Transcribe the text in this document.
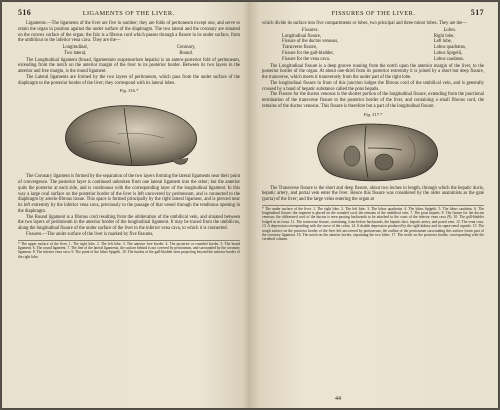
516	LIGAMENTS OF THE LIVER.

Ligaments.—The ligaments of the liver are five in number; they are folds of peritoneum except one, and serve to retain the organ in position against the under surface of the diaphragm. The two lateral and the coronary are situated on the convex surface of the organ; the falx is a fibrous cord which passes through a fissure in its under surface, from the umbilicus to the inferior vena cava. They are the—

Longitudinal,
Two lateral,
Coronary,
Round.

The Longitudinal ligament (broad, ligamentum suspensorium hepatis) is an antero-posterior fold of peritoneum, extending from the notch on the anterior margin of the liver to its posterior border. Between its two layers in the anterior and free margin, is the round ligament.

The Lateral ligaments are formed by the two layers of peritoneum, which pass from the under surface of the diaphragm to the posterior border of the liver; they correspond with its lateral lobes.

Fig. 316.*

The Coronary ligament is formed by the separation of the two layers forming the lateral ligaments near their point of convergence. The posterior layer is continued unbroken from one lateral ligament into the other; but the anterior quits the posterior at each side, and is continuous with the corresponding layer of the longitudinal ligament. In this way a large oval surface on the posterior border of the liver is left uncovered by peritoneum, and is connected to the diaphragm by areolo-fibrous tissue. This space is formed principally by the right lateral ligament, and is pierced near its left extremity by the inferior vena cava, previously to the passage of that vessel through the tendinous opening in the diaphragm.

The Round ligament is a fibrous cord resulting from the obliteration of the umbilical vein, and situated between the two layers of peritoneum in the anterior border of the longitudinal ligament. It may be traced from the umbilicus, along the longitudinal fissure of the under surface of the liver to the inferior vena cava, to which it is connected.

Fissures.—The under surface of the liver is marked by five fissures,

* The upper surface of the liver. 1. The right lobe. 2. The left lobe. 3. The anterior free border. 4. The posterior or rounded border. 5. The broad ligament. 6. The round ligament. 7. The line of the lateral ligaments, the surface behind is not covered by peritoneum, and surrounded by the coronary ligament. 8. The inferior vena cava. 9. The point of the lobus Spigelii. 10. The fundus of the gall-bladder seen projecting beyond the anterior border of the right lobe.
FISSURES OF THE LIVER.	517

which divide its surface into five compartments or lobes, two principal and three minor lobes. They are the—

Fissures.
Longitudinal fissure,
Fissure of the ductus venosus,
Transverse fissure,
Fissure for the gall-bladder,
Fissure for the vena cava.
Lobes.
Right lobe,
Left lobe,
Lobus quadratus,
Lobus Spigelii,
Lobus caudatus.

The Longitudinal fissure is a deep groove running from the notch upon the anterior margin of the liver, to the posterior border of the organ. At about one-third from its posterior extremity it is joined by a short but deep fissure, the transverse, which meets it transversely from the under part of the right lobe.

The longitudinal fissure in front of this junction lodges the fibrous cord of the umbilical vein, and is generally crossed by a band of hepatic substance called the pons hepatis.

The Fissure for the ductus venosus is the shorter portion of the longitudinal fissure, extending from the junctional termination of the transverse fissure to the posterior border of the liver, and containing a small fibrous cord, the remains of the ductus venosus. This fissure is therefore but a part of the longitudinal fissure.

Fig. 317.*

The Transverse fissure is the short and deep fissure, about two inches in length, through which the hepatic ducts, hepatic artery, and portal vein enter the liver. Hence this fissure was considered by the older anatomists as the gate (porta) of the liver; and the large veins entering the organ at

* The under surface of the liver. 1. The right lobe. 2. The left lobe. 3. The lobus quadratus. 4. The lobus Spigelii. 5. The lobus caudatus. 6. The longitudinal fissure; the segment is placed on the rounded cord, the remains of the umbilical vein. 7. The pons hepatis. 8. The fissure for the ductus venosus; the obliterated cord of the ductus is seen passing backwards to be attached to the coats of the inferior vena cava (9). 10. The gall-bladder lodged in its fossa. 11. The transverse fissure, containing, from before backwards, the hepatic duct, hepatic artery, and portal vein. 12. The vena cava. 13. A depression corresponding with the curve of the colon. 14. A double depression produced by the right kidney and its supra-renal capsule. 15. The rough surface on the posterior border of the liver left uncovered by peritoneum; the outline of the peritoneum surrounding this surface forms part of the coronary ligament. 16. The notch on the anterior border, separating the two lobes. 17. The notch on the posterior border, corresponding with the vertebral column.
44
